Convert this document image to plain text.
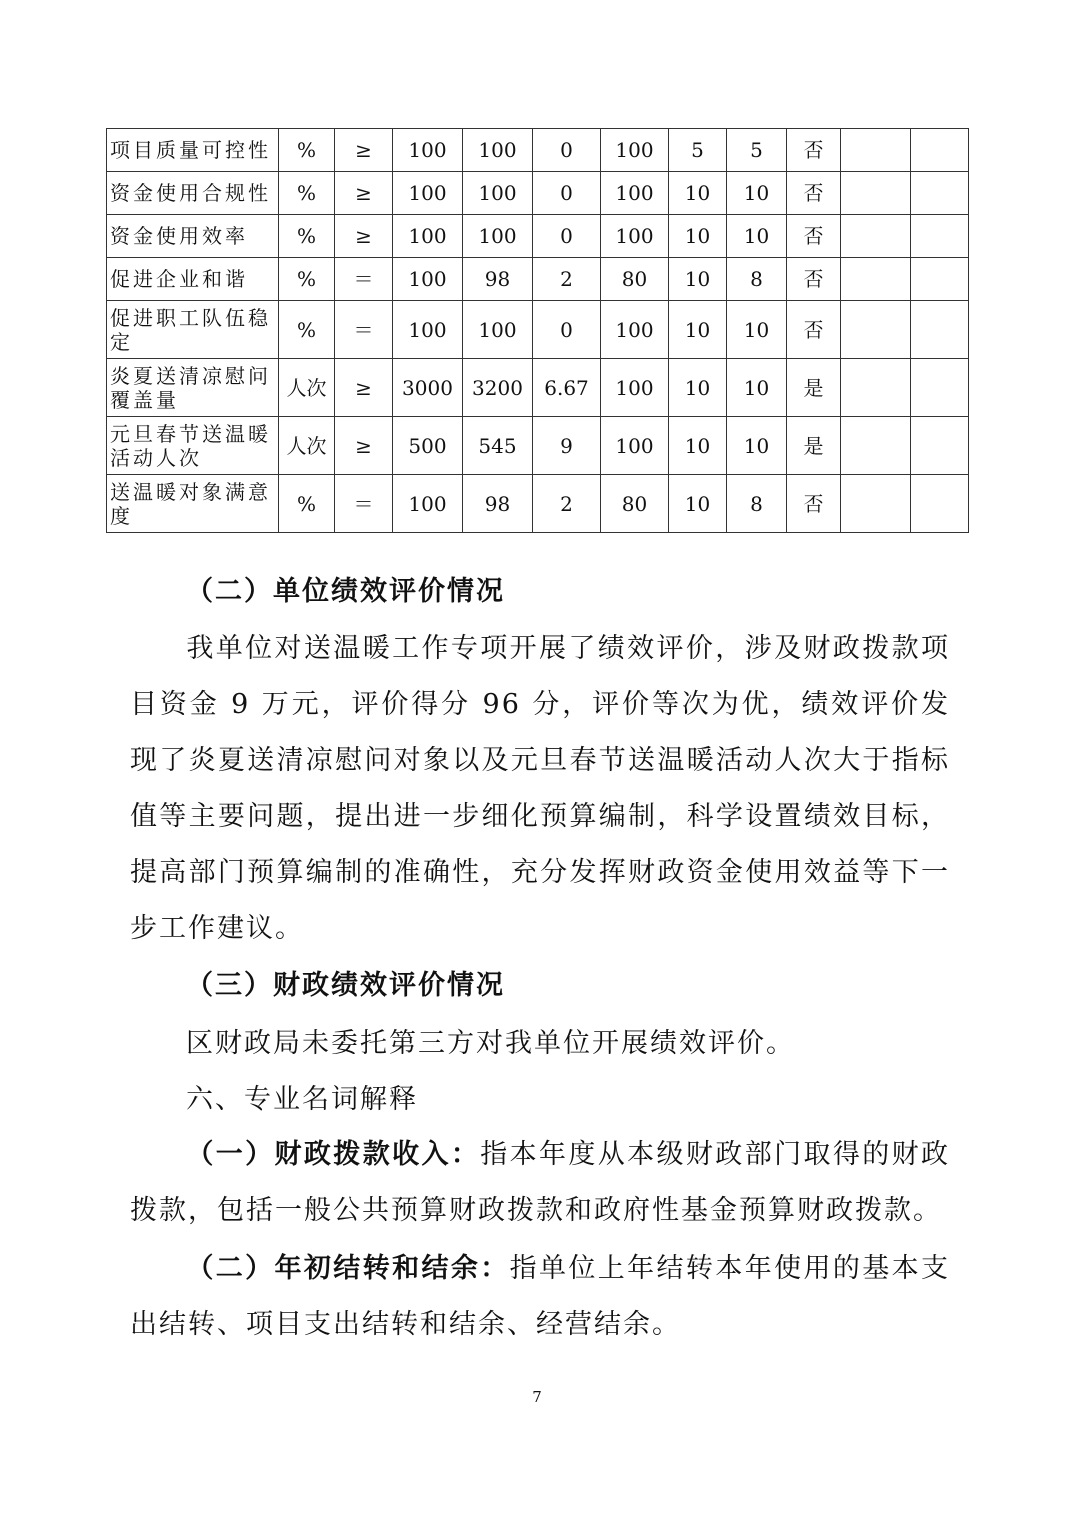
项目质量可控性	%	≥	100	100	0	100	5	5	否		
资金使用合规性	%	≥	100	100	0	100	10	10	否		
资金使用效率	%	≥	100	100	0	100	10	10	否		
促进企业和谐	%	＝	100	98	2	80	10	8	否		
促进职工队伍稳定	%	＝	100	100	0	100	10	10	否		
炎夏送清凉慰问覆盖量	人次	≥	3000	3200	6.67	100	10	10	是		
元旦春节送温暖活动人次	人次	≥	500	545	9	100	10	10	是		
送温暖对象满意度	%	＝	100	98	2	80	10	8	否		
（二）单位绩效评价情况
我单位对送温暖工作专项开展了绩效评价，涉及财政拨款项目资金 9 万元，评价得分 96 分，评价等次为优，绩效评价发现了炎夏送清凉慰问对象以及元旦春节送温暖活动人次大于指标值等主要问题，提出进一步细化预算编制，科学设置绩效目标，提高部门预算编制的准确性，充分发挥财政资金使用效益等下一步工作建议。
（三）财政绩效评价情况
区财政局未委托第三方对我单位开展绩效评价。
六、专业名词解释
（一）财政拨款收入：指本年度从本级财政部门取得的财政拨款，包括一般公共预算财政拨款和政府性基金预算财政拨款。
（二）年初结转和结余：指单位上年结转本年使用的基本支出结转、项目支出结转和结余、经营结余。
7
